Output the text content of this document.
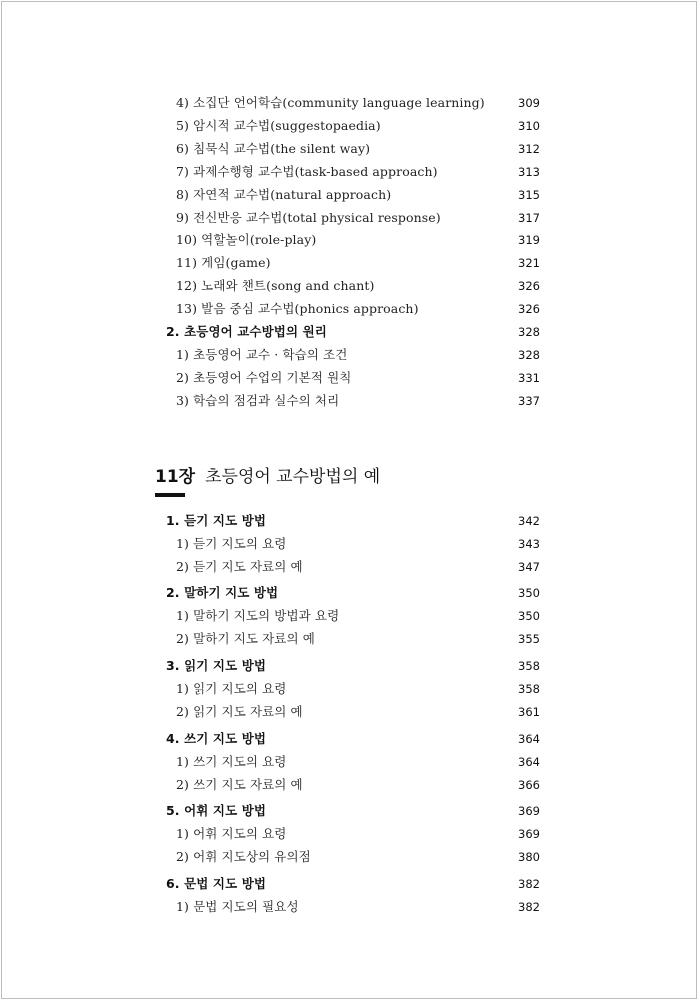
4) 소집단 언어학습(community language learning)	309
5) 암시적 교수법(suggestopaedia)	310
6) 침묵식 교수법(the silent way)	312
7) 과제수행형 교수법(task-based approach)	313
8) 자연적 교수법(natural approach)	315
9) 전신반응 교수법(total physical response)	317
10) 역할놀이(role-play)	319
11) 게임(game)	321
12) 노래와 챈트(song and chant)	326
13) 발음 중심 교수법(phonics approach)	326
2. 초등영어 교수방법의 원리	328
1) 초등영어 교수 · 학습의 조건	328
2) 초등영어 수업의 기본적 원칙	331
3) 학습의 점검과 실수의 처리	337
11장 초등영어 교수방법의 예
1. 듣기 지도 방법	342
1) 듣기 지도의 요령	343
2) 듣기 지도 자료의 예	347
2. 말하기 지도 방법	350
1) 말하기 지도의 방법과 요령	350
2) 말하기 지도 자료의 예	355
3. 읽기 지도 방법	358
1) 읽기 지도의 요령	358
2) 읽기 지도 자료의 예	361
4. 쓰기 지도 방법	364
1) 쓰기 지도의 요령	364
2) 쓰기 지도 자료의 예	366
5. 어휘 지도 방법	369
1) 어휘 지도의 요령	369
2) 어휘 지도상의 유의점	380
6. 문법 지도 방법	382
1) 문법 지도의 필요성	382
